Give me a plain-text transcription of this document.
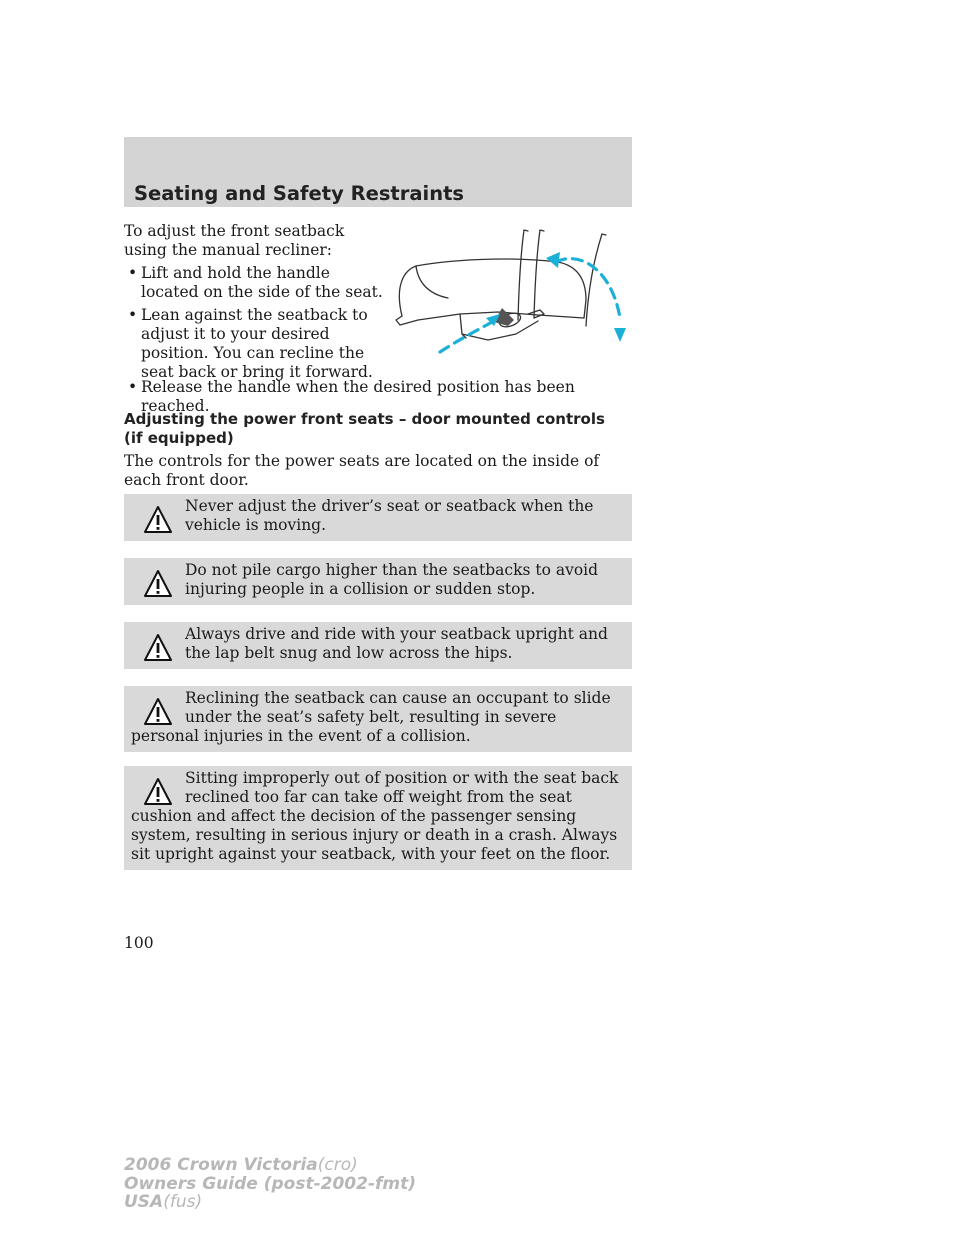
Seating and Safety Restraints

To adjust the front seatback using the manual recliner:

• Lift and hold the handle located on the side of the seat.

• Lean against the seatback to adjust it to your desired position. You can recline the seat back or bring it forward.

• Release the handle when the desired position has been reached.

Adjusting the power front seats – door mounted controls
(if equipped)

The controls for the power seats are located on the inside of each front door.

Never adjust the driver’s seat or seatback when the vehicle is moving.

Do not pile cargo higher than the seatbacks to avoid injuring people in a collision or sudden stop.

Always drive and ride with your seatback upright and the lap belt snug and low across the hips.

Reclining the seatback can cause an occupant to slide under the seat’s safety belt, resulting in severe personal injuries in the event of a collision.

Sitting improperly out of position or with the seat back reclined too far can take off weight from the seat cushion and affect the decision of the passenger sensing system, resulting in serious injury or death in a crash. Always sit upright against your seatback, with your feet on the floor.

100
2006 Crown Victoria(cro)
Owners Guide (post-2002-fmt)
USA(fus)
